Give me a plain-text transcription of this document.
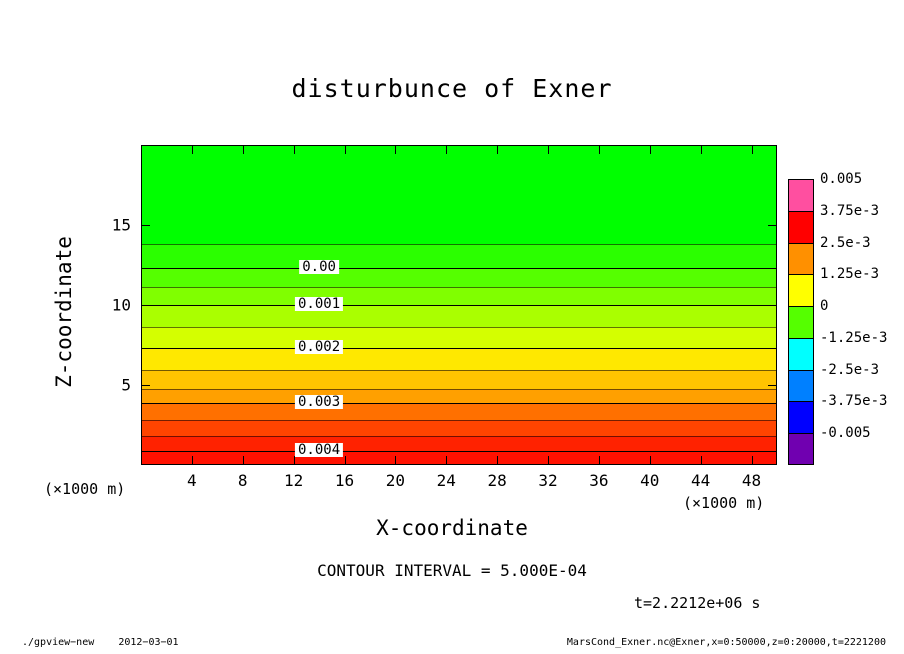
disturbunce of Exner
0.00
0.001
0.002
0.003
0.004
4	8 12 16 20 24 28 32 36 40 44 48
5
10
15
X-coordinate
Z-coordinate
(×1000 m)
(×1000 m)
0.005
3.75e-3
2.5e-3
1.25e-3
0
-1.25e-3
-2.5e-3
-3.75e-3
-0.005
CONTOUR INTERVAL = 5.000E-04
t=2.2212e+06 s
./gpview−new 2012−03−01	MarsCond_Exner.nc@Exner,x=0:50000,z=0:20000,t=2221200
